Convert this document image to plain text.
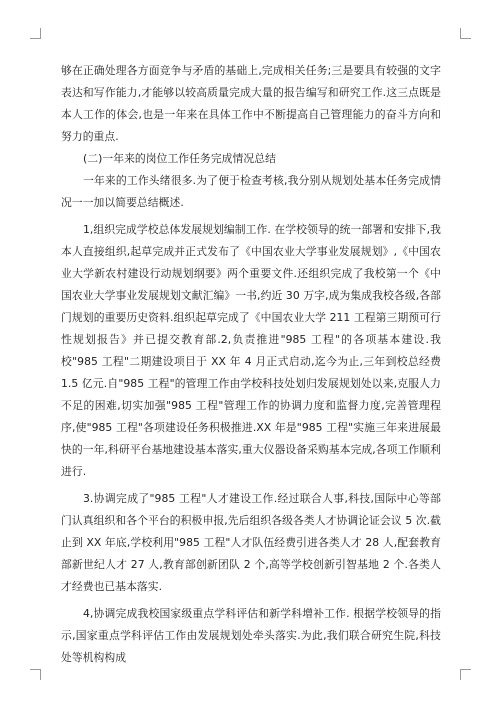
够在正确处理各方面竞争与矛盾的基础上,完成相关任务;三是要具有较强的文字表达和写作能力,才能够以较高质量完成大量的报告编写和研究工作.这三点既是本人工作的体会,也是一年来在具体工作中不断提高自己管理能力的奋斗方向和努力的重点.

(二)一年来的岗位工作任务完成情况总结

一年来的工作头绪很多.为了便于检查考核,我分别从规划处基本任务完成情况一一加以简要总结概述.

1,组织完成学校总体发展规划编制工作. 在学校领导的统一部署和安排下,我本人直接组织,起草完成并正式发布了《中国农业大学事业发展规划》,《中国农业大学新农村建设行动规划纲要》两个重要文件.还组织完成了我校第一个《中国农业大学事业发展规划文献汇编》一书,约近 30 万字,成为集成我校各级,各部门规划的重要历史资料.组织起草完成了《中国农业大学 211 工程第三期预可行性规划报告》并已提交教育部.2,负责推进"985 工程"的各项基本建设.我校"985 工程"二期建设项目于 XX 年 4 月正式启动,迄今为止,三年到校总经费 1.5 亿元.自"985 工程"的管理工作由学校科技处划归发展规划处以来,克服人力不足的困难,切实加强"985 工程"管理工作的协调力度和监督力度,完善管理程序,使"985 工程"各项建设任务积极推进.XX 年是"985 工程"实施三年来进展最快的一年,科研平台基地建设基本落实,重大仪器设备采购基本完成,各项工作顺利进行.

3.协调完成了"985 工程"人才建设工作.经过联合人事,科技,国际中心等部门认真组织和各个平台的积极申报,先后组织各级各类人才协调论证会议 5 次.截止到 XX 年底,学校利用"985 工程"人才队伍经费引进各类人才 28 人,配套教育部新世纪人才 27 人,教育部创新团队 2 个,高等学校创新引智基地 2 个.各类人才经费也已基本落实.

4,协调完成我校国家级重点学科评估和新学科增补工作. 根据学校领导的指示,国家重点学科评估工作由发展规划处牵头落实.为此,我们联合研究生院,科技处等机构构成
